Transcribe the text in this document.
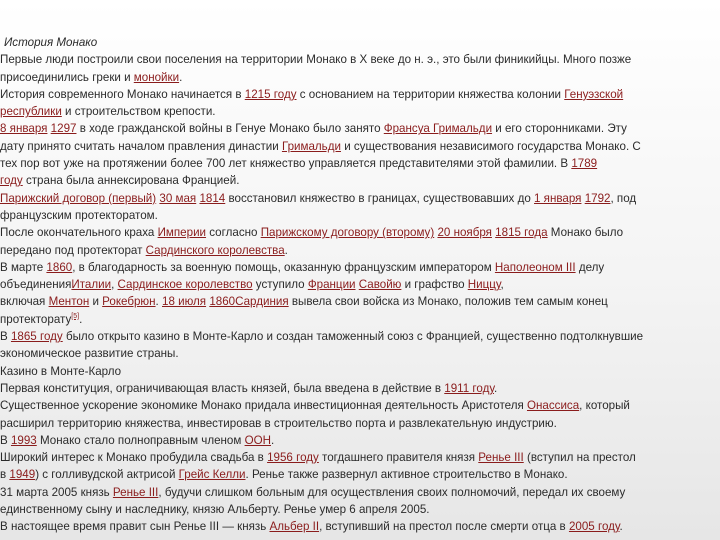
История Монако
Первые люди построили свои поселения на территории Монако в X веке до н. э., это были финикийцы. Много позже
присоединились греки и монойки.
История современного Монако начинается в 1215 году с основанием на территории княжества колонии Генуэзской
республики и строительством крепости.
8 января 1297 в ходе гражданской войны в Генуе Монако было занято Франсуа Гримальди и его сторонниками. Эту
дату принято считать началом правления династии Гримальди и существования независимого государства Монако. С
тех пор вот уже на протяжении более 700 лет княжество управляется представителями этой фамилии. В 1789
году страна была аннексирована Францией.
Парижский договор (первый) 30 мая 1814 восстановил княжество в границах, существовавших до 1 января 1792, под
французским протекторатом.
После окончательного краха Империи согласно Парижскому договору (второму) 20 ноября 1815 года Монако было
передано под протекторат Сардинского королевства.
В марте 1860, в благодарность за военную помощь, оказанную французским императором Наполеоном III делу
объединенияИталии, Сардинское королевство уступило Франции Савойю и графство Ниццу,
включая Ментон и Рокебрюн. 18 июля 1860Сардиния вывела свои войска из Монако, положив тем самым конец
протекторату[5].
В 1865 году было открыто казино в Монте-Карло и создан таможенный союз с Францией, существенно подтолкнувшие
экономическое развитие страны.
Казино в Монте-Карло
Первая конституция, ограничивающая власть князей, была введена в действие в 1911 году.
Существенное ускорение экономике Монако придала инвестиционная деятельность Аристотеля Онассиса, который
расширил территорию княжества, инвестировав в строительство порта и развлекательную индустрию.
В 1993 Монако стало полноправным членом ООН.
Широкий интерес к Монако пробудила свадьба в 1956 году тогдашнего правителя князя Ренье III (вступил на престол
в 1949) с голливудской актрисой Грейс Келли. Ренье также развернул активное строительство в Монако.
31 марта 2005 князь Ренье III, будучи слишком больным для осуществления своих полномочий, передал их своему
единственному сыну и наследнику, князю Альберту. Ренье умер 6 апреля 2005.
В настоящее время правит сын Ренье III — князь Альбер II, вступивший на престол после смерти отца в 2005 году.
